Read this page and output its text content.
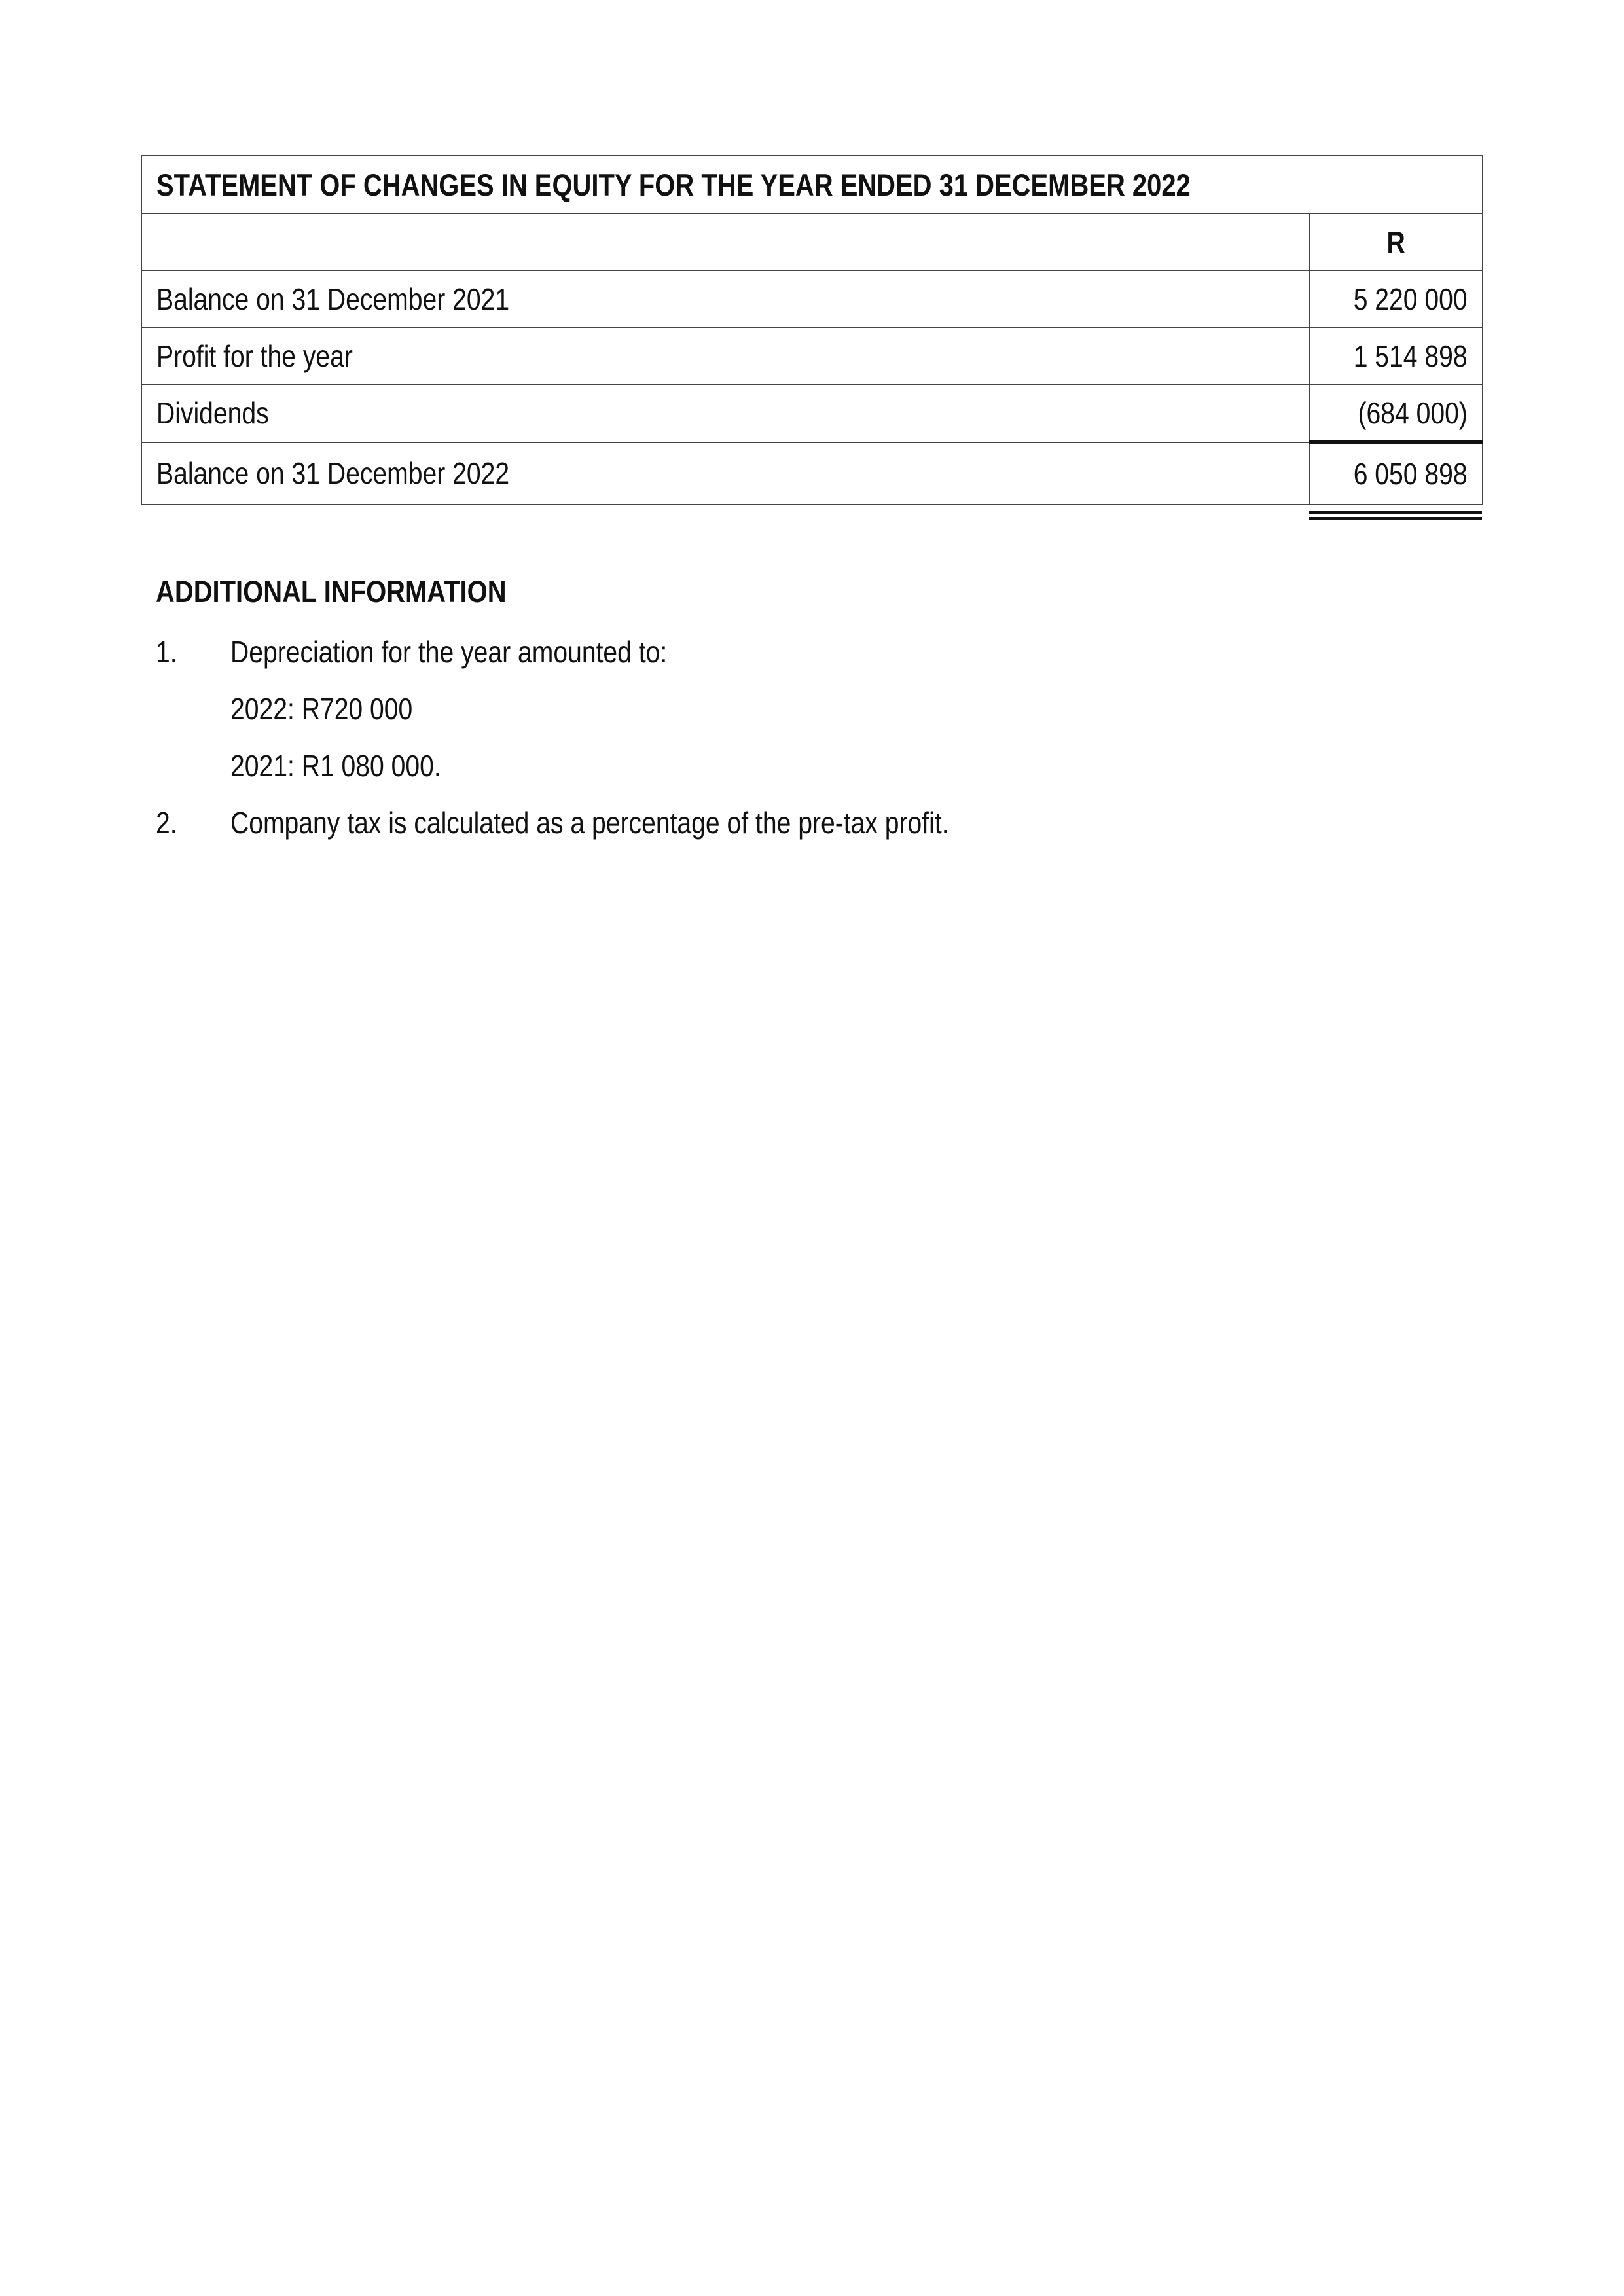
STATEMENT OF CHANGES IN EQUITY FOR THE YEAR ENDED 31 DECEMBER 2022	
	R
Balance on 31 December 2021	5 220 000
Profit for the year	1 514 898
Dividends	(684 000)
Balance on 31 December 2022	6 050 898
ADDITIONAL INFORMATION
1. Depreciation for the year amounted to:
2022: R720 000
2021: R1 080 000.
2. Company tax is calculated as a percentage of the pre-tax profit.
